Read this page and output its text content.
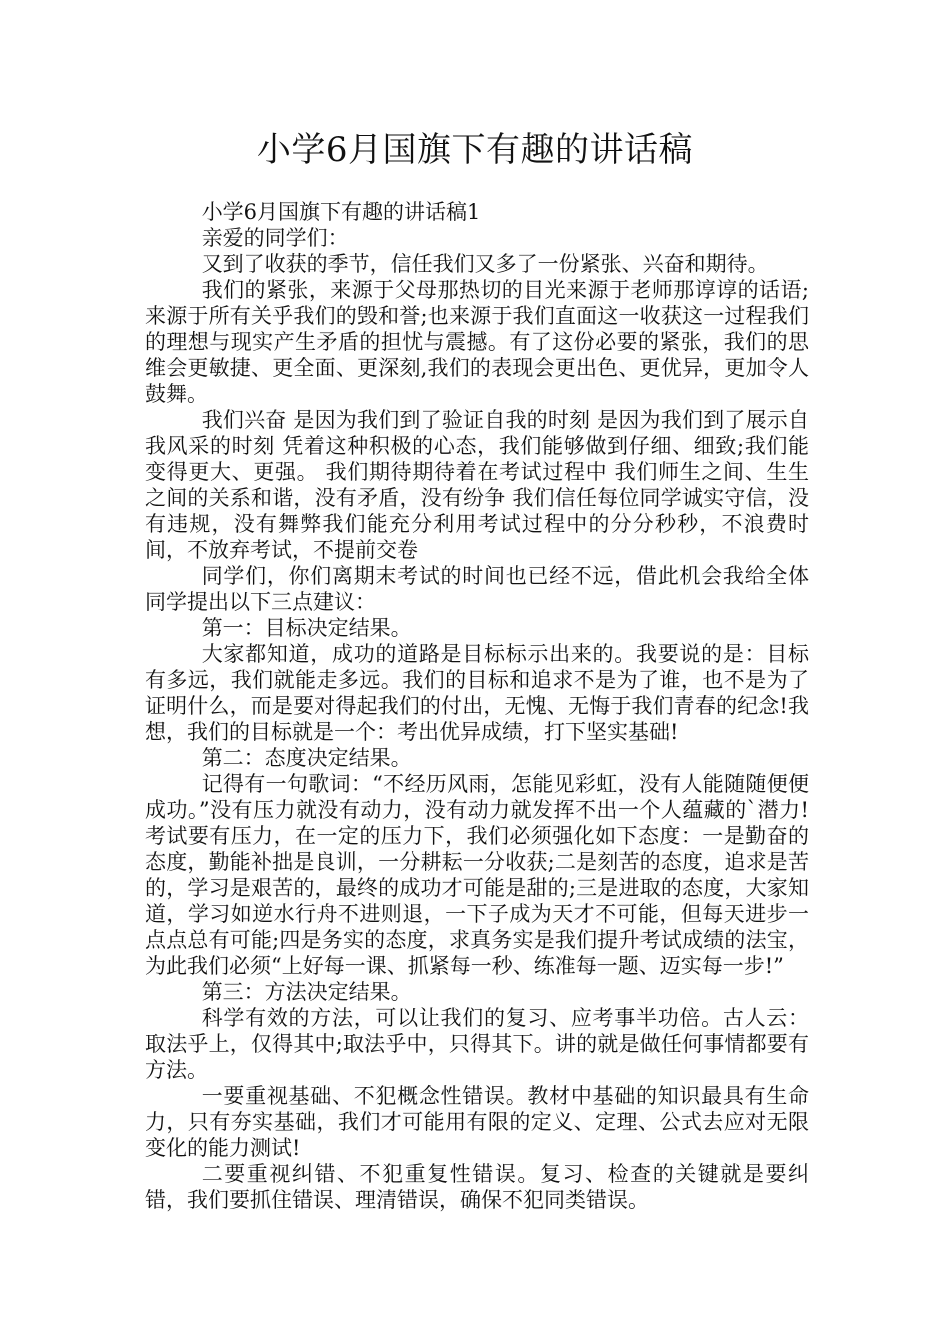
小学6月国旗下有趣的讲话稿

小学6月国旗下有趣的讲话稿1

亲爱的同学们：

又到了收获的季节，信任我们又多了一份紧张、兴奋和期待。

我们的紧张，来源于父母那热切的目光来源于老师那谆谆的话语; 来源于所有关乎我们的毁和誉;也来源于我们直面这一收获这一过程我们的理想与现实产生矛盾的担忧与震撼。有了这份必要的紧张，我们的思维会更敏捷、更全面、更深刻,我们的表现会更出色、更优异，更加令人鼓舞。

我们兴奋 是因为我们到了验证自我的时刻 是因为我们到了展示自我风采的时刻 凭着这种积极的心态，我们能够做到仔细、细致;我们能变得更大、更强。 我们期待期待着在考试过程中 我们师生之间、生生之间的关系和谐，没有矛盾，没有纷争 我们信任每位同学诚实守信，没有违规，没有舞弊我们能充分利用考试过程中的分分秒秒，不浪费时间，不放弃考试，不提前交卷

同学们，你们离期末考试的时间也已经不远，借此机会我给全体同学提出以下三点建议：

第一：目标决定结果。

大家都知道，成功的道路是目标标示出来的。我要说的是：目标有多远，我们就能走多远。我们的目标和追求不是为了谁，也不是为了证明什么，而是要对得起我们的付出，无愧、无悔于我们青春的纪念!我想，我们的目标就是一个：考出优异成绩，打下坚实基础!

第二：态度决定结果。

记得有一句歌词：“不经历风雨，怎能见彩虹，没有人能随随便便成功。”没有压力就没有动力，没有动力就发挥不出一个人蕴藏的`潜力!考试要有压力，在一定的压力下，我们必须强化如下态度：一是勤奋的态度，勤能补拙是良训，一分耕耘一分收获;二是刻苦的态度，追求是苦的，学习是艰苦的，最终的成功才可能是甜的;三是进取的态度，大家知道，学习如逆水行舟不进则退，一下子成为天才不可能，但每天进步一点点总有可能;四是务实的态度，求真务实是我们提升考试成绩的法宝，为此我们必须“上好每一课、抓紧每一秒、练准每一题、迈实每一步!”

第三：方法决定结果。

科学有效的方法，可以让我们的复习、应考事半功倍。古人云：取法乎上，仅得其中;取法乎中，只得其下。讲的就是做任何事情都要有方法。

一要重视基础、不犯概念性错误。教材中基础的知识最具有生命力，只有夯实基础，我们才可能用有限的定义、定理、公式去应对无限变化的能力测试!

二要重视纠错、不犯重复性错误。复习、检查的关键就是要纠错，我们要抓住错误、理清错误，确保不犯同类错误。
